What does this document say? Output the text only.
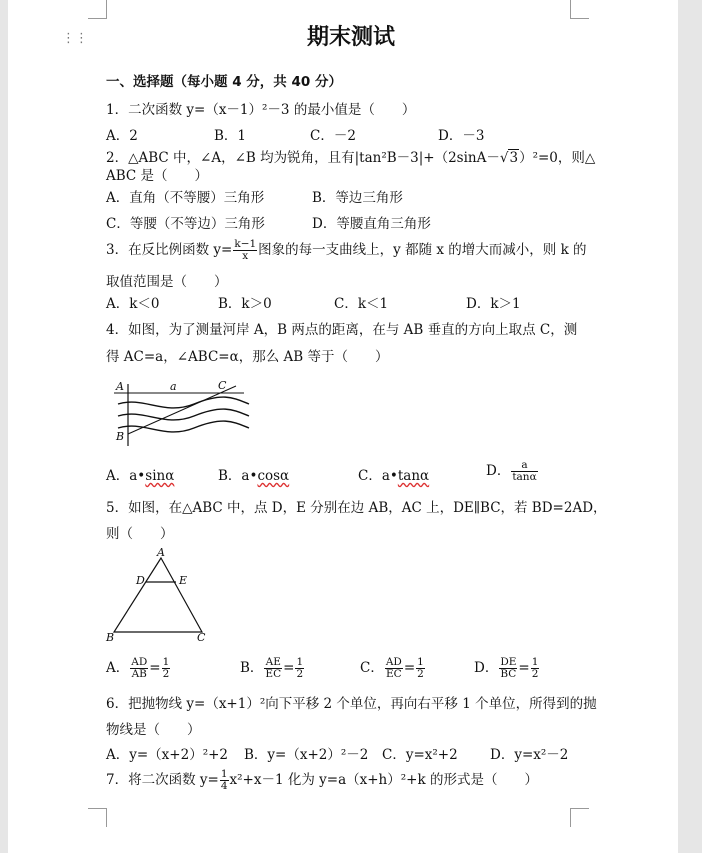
⋮⋮	期末测试
一、选择题（每小题 4 分，共 40 分）
1．二次函数 y=（x－1）²－3 的最小值是（　　）
A．2	B．1	C．－2	D．－3
2．△ABC 中，∠A，∠B 均为锐角，且有|tan²B－3|+（2sinA－√3）²=0，则△
ABC 是（　　）
A．直角（不等腰）三角形	B．等边三角形
C．等腰（不等边）三角形	D．等腰直角三角形
3．在反比例函数 $y= \frac{k-1}{x}$ 图象的每一支曲线上，y 都随 x 的增大而减小，则 k 的
取值范围是（　　）
A．k＜0	B．k＞0	C．k＜1	D．k＞1
4．如图，为了测量河岸 A，B 两点的距离，在与 AB 垂直的方向上取点 C，测
得 AC=a，∠ABC=α，那么 AB 等于（　　）
A	a	C
B
A．a•sinα	B．a•cosα	C．a•tanα	D． $\frac{a}{\tan\alpha}$
5．如图，在△ABC 中，点 D，E 分别在边 AB，AC 上，DE∥BC，若 BD=2AD，
则（　　）
A
D	E
B	C
A． $\frac{AD}{AB} = \frac{1}{2}$	B． $\frac{AE}{EC} = \frac{1}{2}$	C． $\frac{AD}{EC} = \frac{1}{2}$	D． $\frac{DE}{BC} = \frac{1}{2}$
6．把抛物线 y=（x+1）²向下平移 2 个单位，再向右平移 1 个单位，所得到的抛
物线是（　　）
A．y=（x+2）²+2 B．y=（x+2）²－2 C．y=x²+2 D．y=x²－2
7．将二次函数 $y= \frac{1}{4} x^2+x-1$ 化为 y=a（x+h）²+k 的形式是（　　）
